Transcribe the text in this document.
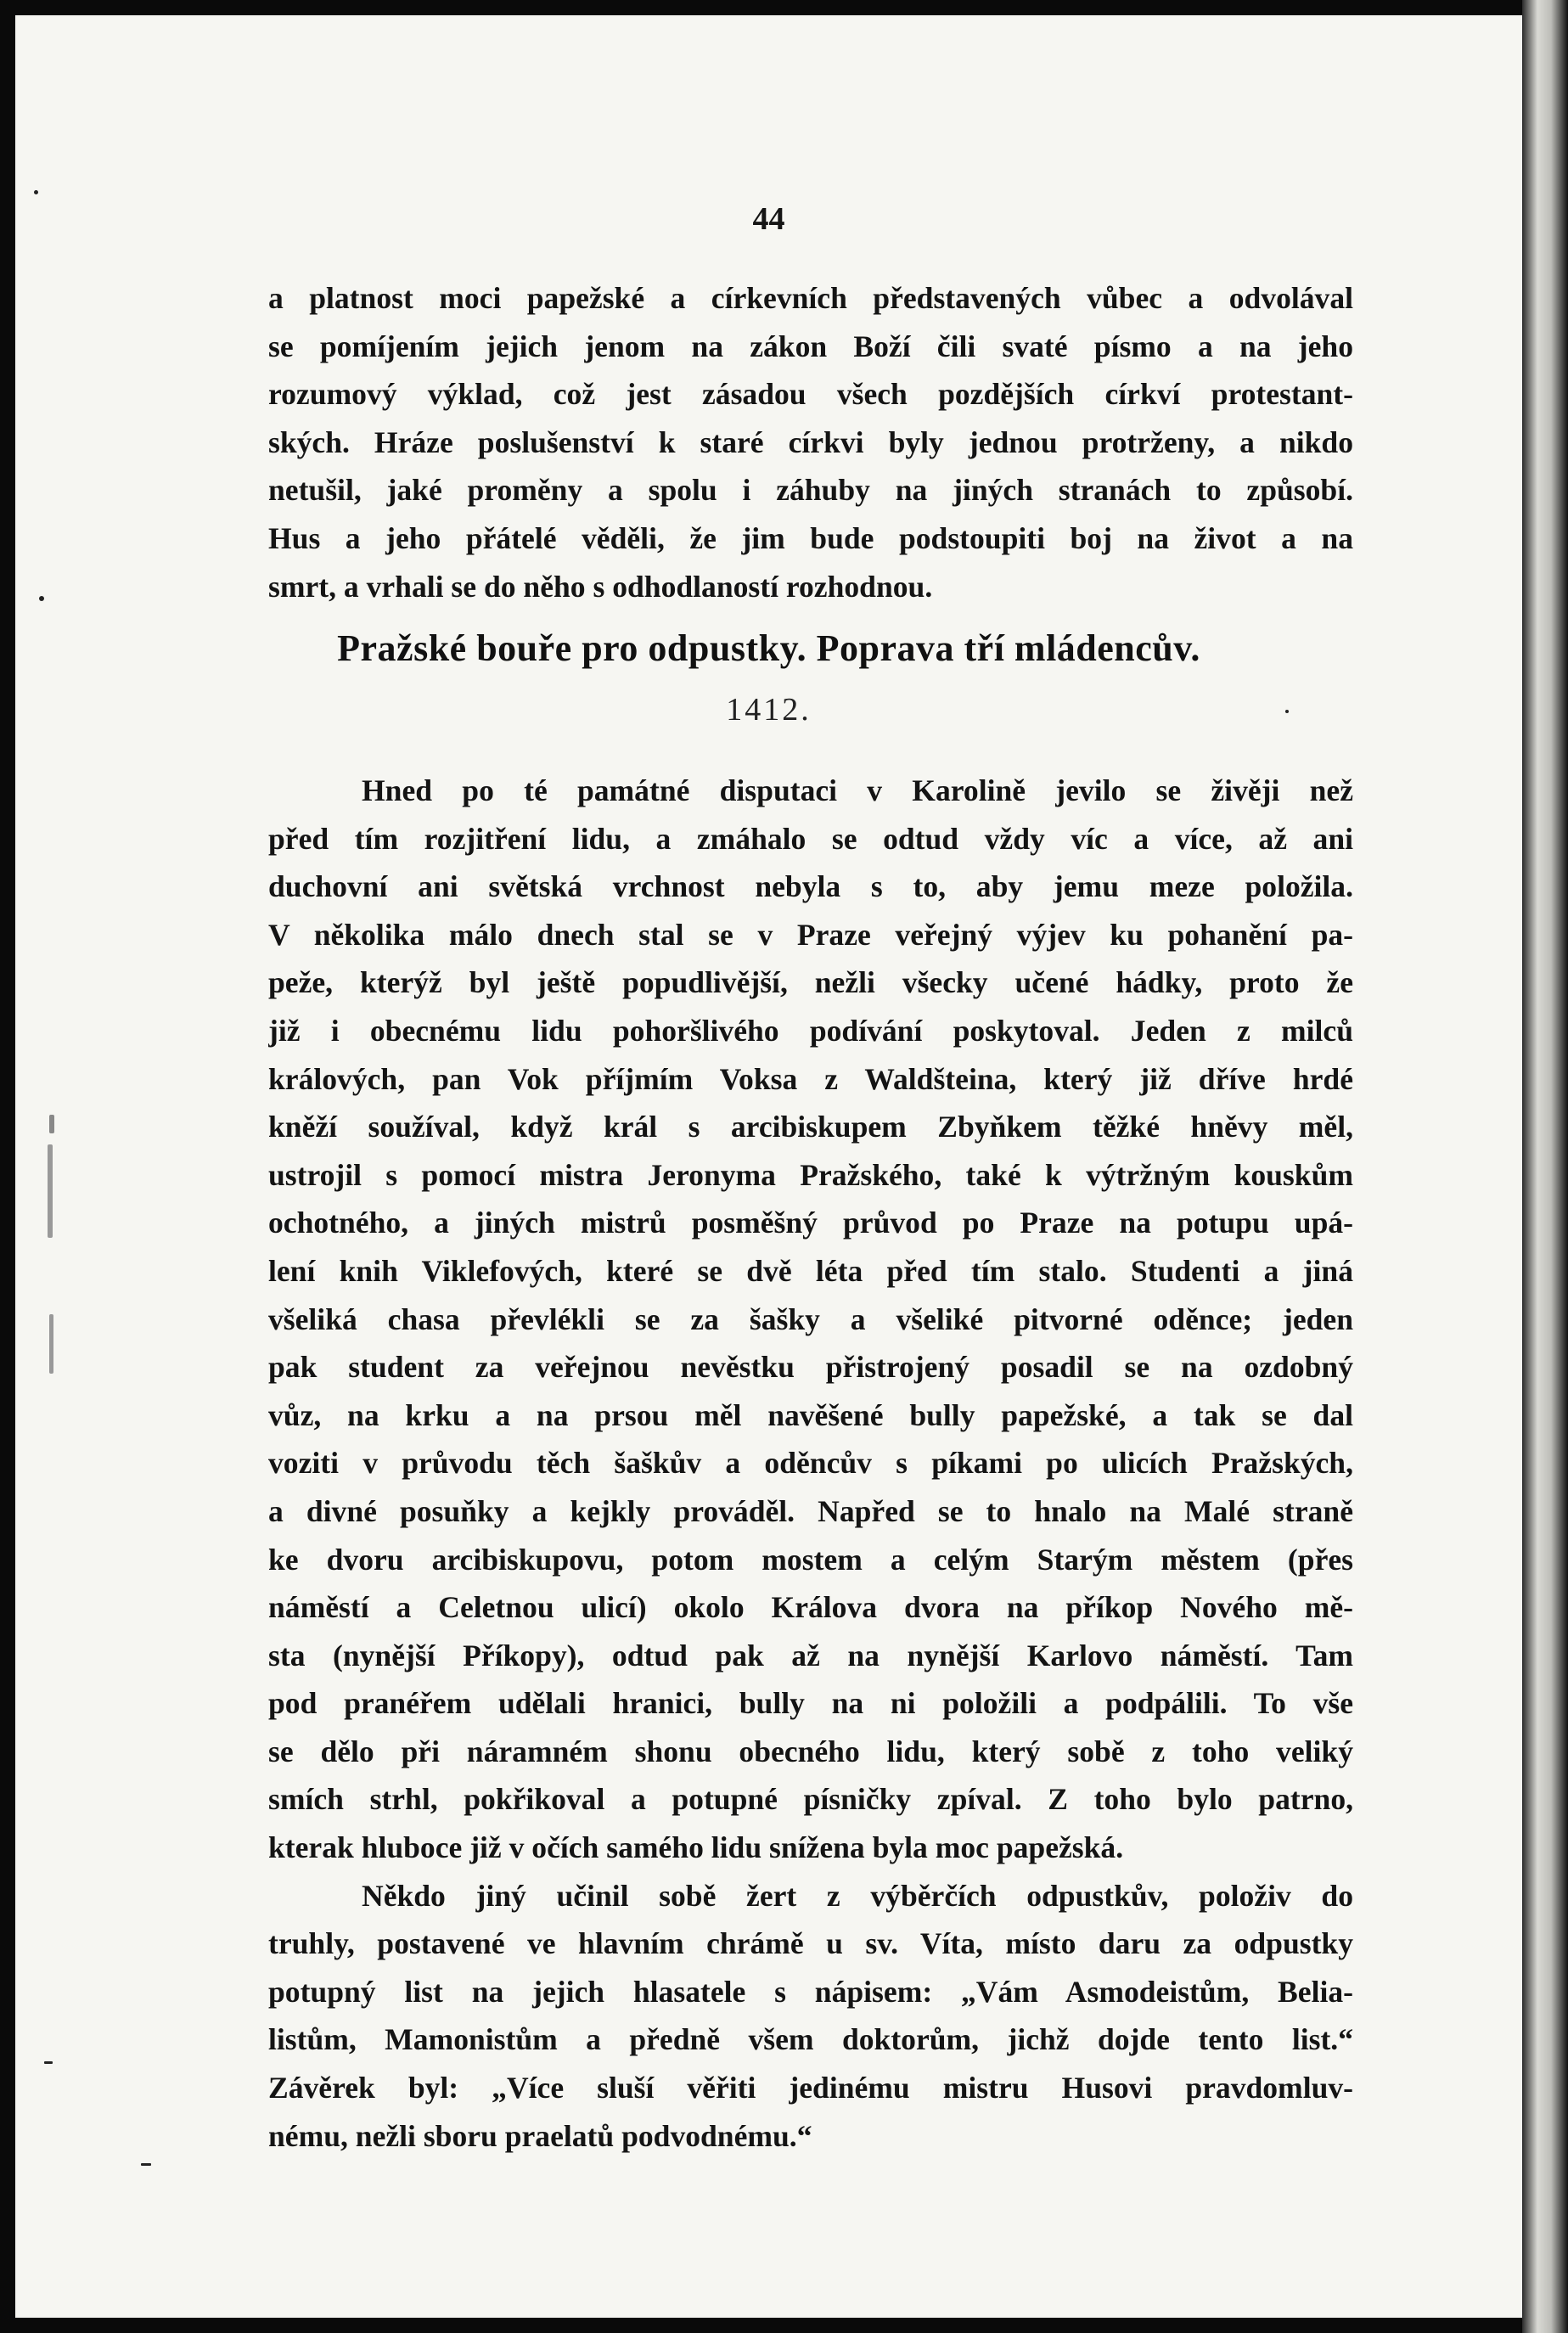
44
a platnost moci papežské a církevních představených vůbec a odvolával
se pomíjením jejich jenom na zákon Boží čili svaté písmo a na jeho
rozumový výklad, což jest zásadou všech pozdějších církví protestant-
ských. Hráze poslušenství k staré církvi byly jednou protrženy, a nikdo
netušil, jaké proměny a spolu i záhuby na jiných stranách to způsobí.
Hus a jeho přátelé věděli, že jim bude podstoupiti boj na život a na
smrt, a vrhali se do něho s odhodlaností rozhodnou.
Pražské bouře pro odpustky. Poprava tří mládencův.
1412.
Hned po té památné disputaci v Karolině jevilo se živěji než
před tím rozjitření lidu, a zmáhalo se odtud vždy víc a více, až ani
duchovní ani světská vrchnost nebyla s to, aby jemu meze položila.
V několika málo dnech stal se v Praze veřejný výjev ku pohanění pa-
peže, kterýž byl ještě popudlivější, nežli všecky učené hádky, proto že
již i obecnému lidu pohoršlivého podívání poskytoval. Jeden z milců
králových, pan Vok příjmím Voksa z Waldšteina, který již dříve hrdé
kněží soužíval, když král s arcibiskupem Zbyňkem těžké hněvy měl,
ustrojil s pomocí mistra Jeronyma Pražského, také k výtržným kouskům
ochotného, a jiných mistrů posměšný průvod po Praze na potupu upá-
lení knih Viklefových, které se dvě léta před tím stalo. Studenti a jiná
všeliká chasa převlékli se za šašky a všeliké pitvorné oděnce; jeden
pak student za veřejnou nevěstku přistrojený posadil se na ozdobný
vůz, na krku a na prsou měl navěšené bully papežské, a tak se dal
voziti v průvodu těch šaškův a oděncův s píkami po ulicích Pražských,
a divné posuňky a kejkly prováděl. Napřed se to hnalo na Malé straně
ke dvoru arcibiskupovu, potom mostem a celým Starým městem (přes
náměstí a Celetnou ulicí) okolo Králova dvora na příkop Nového mě-
sta (nynější Příkopy), odtud pak až na nynější Karlovo náměstí. Tam
pod pranéřem udělali hranici, bully na ni položili a podpálili. To vše
se dělo při náramném shonu obecného lidu, který sobě z toho veliký
smích strhl, pokřikoval a potupné písničky zpíval. Z toho bylo patrno,
kterak hluboce již v očích samého lidu snížena byla moc papežská.
Někdo jiný učinil sobě žert z výběrčích odpustkův, položiv do
truhly, postavené ve hlavním chrámě u sv. Víta, místo daru za odpustky
potupný list na jejich hlasatele s nápisem: „Vám Asmodeistům, Belia-
listům, Mamonistům a předně všem doktorům, jichž dojde tento list.“
Závěrek byl: „Více sluší věřiti jedinému mistru Husovi pravdomluv-
nému, nežli sboru praelatů podvodnému.“
